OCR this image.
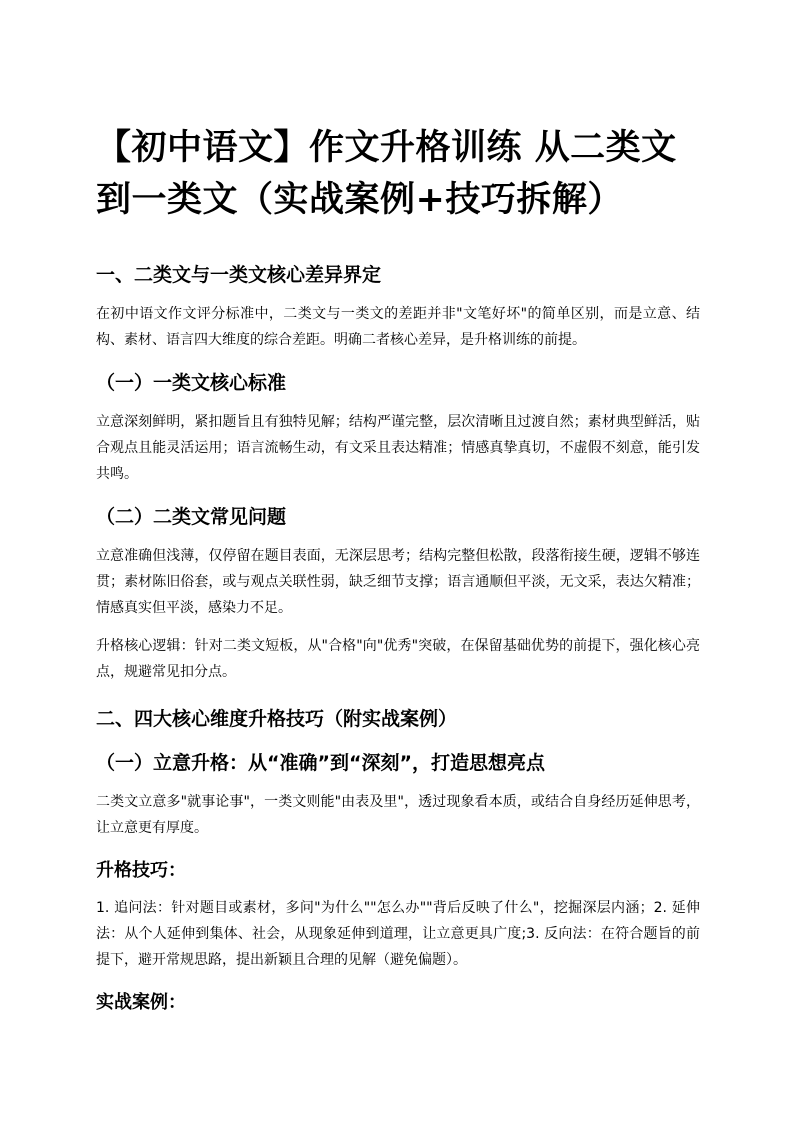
【初中语文】作文升格训练 从二类文到一类文（实战案例+技巧拆解）
一、二类文与一类文核心差异界定
在初中语文作文评分标准中，二类文与一类文的差距并非"文笔好坏"的简单区别，而是立意、结构、素材、语言四大维度的综合差距。明确二者核心差异，是升格训练的前提。
（一）一类文核心标准
立意深刻鲜明，紧扣题旨且有独特见解；结构严谨完整，层次清晰且过渡自然；素材典型鲜活，贴合观点且能灵活运用；语言流畅生动，有文采且表达精准；情感真挚真切，不虚假不刻意，能引发共鸣。
（二）二类文常见问题
立意准确但浅薄，仅停留在题目表面，无深层思考；结构完整但松散，段落衔接生硬，逻辑不够连贯；素材陈旧俗套，或与观点关联性弱，缺乏细节支撑；语言通顺但平淡，无文采，表达欠精准；情感真实但平淡，感染力不足。
升格核心逻辑：针对二类文短板，从"合格"向"优秀"突破，在保留基础优势的前提下，强化核心亮点，规避常见扣分点。
二、四大核心维度升格技巧（附实战案例）
（一）立意升格：从“准确”到“深刻”，打造思想亮点
二类文立意多"就事论事"，一类文则能"由表及里"，透过现象看本质，或结合自身经历延伸思考，让立意更有厚度。
升格技巧：
1. 追问法：针对题目或素材，多问"为什么""怎么办""背后反映了什么"，挖掘深层内涵；2. 延伸法：从个人延伸到集体、社会，从现象延伸到道理，让立意更具广度;3. 反向法：在符合题旨的前提下，避开常规思路，提出新颖且合理的见解（避免偏题）。
实战案例：
